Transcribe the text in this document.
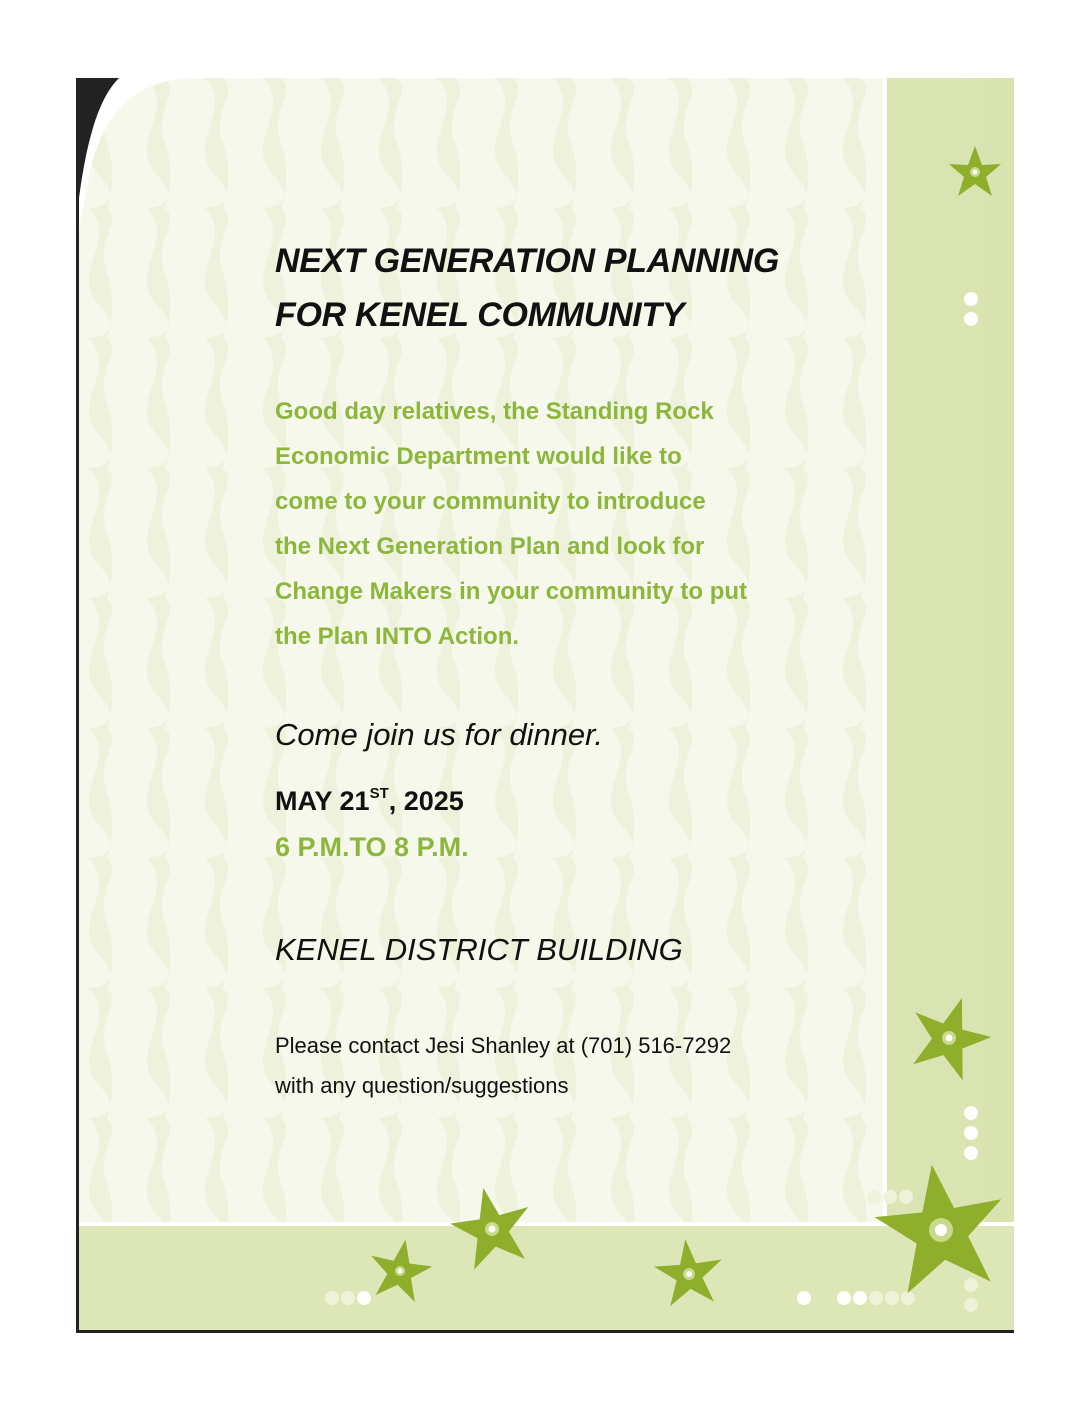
NEXT GENERATION PLANNING
FOR KENEL COMMUNITY
Good day relatives, the Standing Rock
Economic Department would like to
come to your community to introduce
the Next Generation Plan and look for
Change Makers in your community to put
the Plan INTO Action.
Come join us for dinner.
MAY 21ST, 2025
6 P.M.TO 8 P.M.
KENEL DISTRICT BUILDING
Please contact Jesi Shanley at (701) 516-7292
with any question/suggestions
